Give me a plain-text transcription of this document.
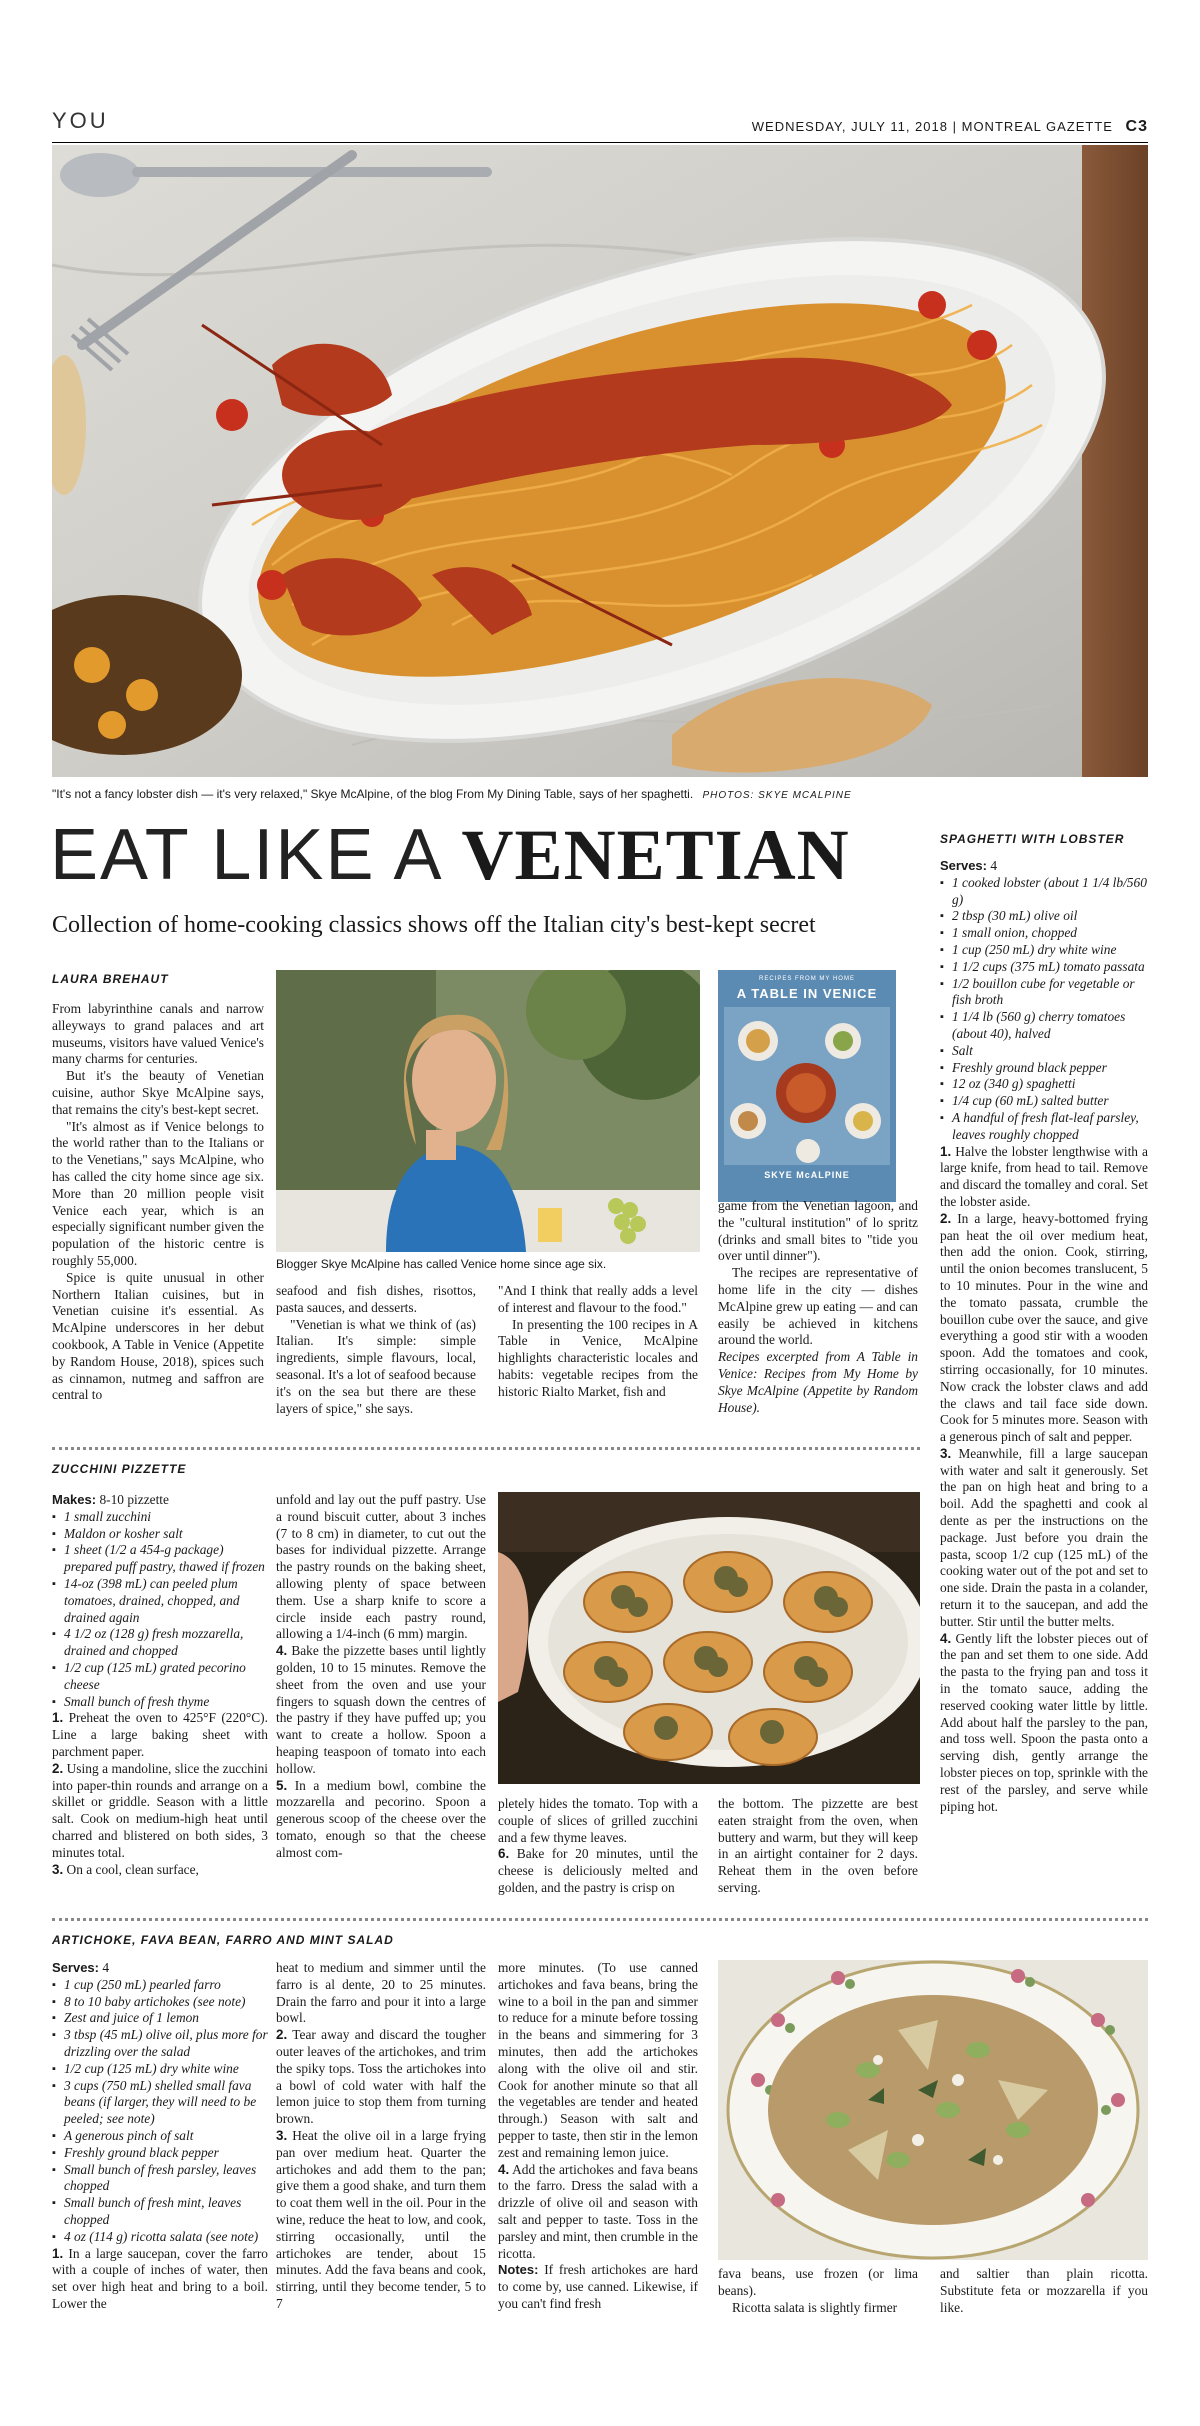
YOU	WEDNESDAY, JULY 11, 2018 | MONTREAL GAZETTE C3
"It's not a fancy lobster dish — it's very relaxed," Skye McAlpine, of the blog From My Dining Table, says of her spaghetti. PHOTOS: SKYE MCALPINE
EAT LIKE A VENETIAN
Collection of home-cooking classics shows off the Italian city's best-kept secret
LAURA BREHAUT

From labyrinthine canals and narrow alleyways to grand palaces and art museums, visitors have valued Venice's many charms for centuries.

But it's the beauty of Venetian cuisine, author Skye McAlpine says, that remains the city's best-kept secret.

"It's almost as if Venice belongs to the world rather than to the Italians or to the Venetians," says McAlpine, who has called the city home since age six. More than 20 million people visit Venice each year, which is an especially significant number given the population of the historic centre is roughly 55,000.

Spice is quite unusual in other Northern Italian cuisines, but in Venetian cuisine it's essential. As McAlpine underscores in her debut cookbook, A Table in Venice (Appetite by Random House, 2018), spices such as cinnamon, nutmeg and saffron are central to

Blogger Skye McAlpine has called Venice home since age six.
RECIPES FROM MY HOME
A TABLE IN VENICE
SKYE McALPINE

seafood and fish dishes, risottos, pasta sauces, and desserts.

"Venetian is what we think of (as) Italian. It's simple: simple ingredients, simple flavours, local, seasonal. It's a lot of seafood because it's on the sea but there are these layers of spice," she says.

"And I think that really adds a level of interest and flavour to the food."

In presenting the 100 recipes in A Table in Venice, McAlpine highlights characteristic locales and habits: vegetable recipes from the historic Rialto Market, fish and

game from the Venetian lagoon, and the "cultural institution" of lo spritz (drinks and small bites to "tide you over until dinner").

The recipes are representative of home life in the city — dishes McAlpine grew up eating — and can easily be achieved in kitchens around the world.

Recipes excerpted from A Table in Venice: Recipes from My Home by Skye McAlpine (Appetite by Random House).

SPAGHETTI WITH LOBSTER
Serves: 4
▪ 1 cooked lobster (about 1 1/4 lb/560 g)
▪ 2 tbsp (30 mL) olive oil
▪ 1 small onion, chopped
▪ 1 cup (250 mL) dry white wine
▪ 1 1/2 cups (375 mL) tomato passata
▪ 1/2 bouillon cube for vegetable or fish broth
▪ 1 1/4 lb (560 g) cherry tomatoes (about 40), halved
▪ Salt
▪ Freshly ground black pepper
▪ 12 oz (340 g) spaghetti
▪ 1/4 cup (60 mL) salted butter
▪ A handful of fresh flat-leaf parsley, leaves roughly chopped
1. Halve the lobster lengthwise with a large knife, from head to tail. Remove and discard the tomalley and coral. Set the lobster aside.
2. In a large, heavy-bottomed frying pan heat the oil over medium heat, then add the onion. Cook, stirring, until the onion becomes translucent, 5 to 10 minutes. Pour in the wine and the tomato passata, crumble the bouillon cube over the sauce, and give everything a good stir with a wooden spoon. Add the tomatoes and cook, stirring occasionally, for 10 minutes. Now crack the lobster claws and add the claws and tail face side down. Cook for 5 minutes more. Season with a generous pinch of salt and pepper.
3. Meanwhile, fill a large saucepan with water and salt it generously. Set the pan on high heat and bring to a boil. Add the spaghetti and cook al dente as per the instructions on the package. Just before you drain the pasta, scoop 1/2 cup (125 mL) of the cooking water out of the pot and set to one side. Drain the pasta in a colander, return it to the saucepan, and add the butter. Stir until the butter melts.
4. Gently lift the lobster pieces out of the pan and set them to one side. Add the pasta to the frying pan and toss it in the tomato sauce, adding the reserved cooking water little by little. Add about half the parsley to the pan, and toss well. Spoon the pasta onto a serving dish, gently arrange the lobster pieces on top, sprinkle with the rest of the parsley, and serve while piping hot.
ZUCCHINI PIZZETTE
Makes: 8-10 pizzette
▪ 1 small zucchini
▪ Maldon or kosher salt
▪ 1 sheet (1/2 a 454-g package) prepared puff pastry, thawed if frozen
▪ 14-oz (398 mL) can peeled plum tomatoes, drained, chopped, and drained again
▪ 4 1/2 oz (128 g) fresh mozzarella, drained and chopped
▪ 1/2 cup (125 mL) grated pecorino cheese
▪ Small bunch of fresh thyme
1. Preheat the oven to 425°F (220°C). Line a large baking sheet with parchment paper.
2. Using a mandoline, slice the zucchini into paper-thin rounds and arrange on a skillet or griddle. Season with a little salt. Cook on medium-high heat until charred and blistered on both sides, 3 minutes total.
3. On a cool, clean surface,

unfold and lay out the puff pastry. Use a round biscuit cutter, about 3 inches (7 to 8 cm) in diameter, to cut out the bases for individual pizzette. Arrange the pastry rounds on the baking sheet, allowing plenty of space between them. Use a sharp knife to score a circle inside each pastry round, allowing a 1/4-inch (6 mm) margin.

4. Bake the pizzette bases until lightly golden, 10 to 15 minutes. Remove the sheet from the oven and use your fingers to squash down the centres of the pastry if they have puffed up; you want to create a hollow. Spoon a heaping teaspoon of tomato into each hollow.
5. In a medium bowl, combine the mozzarella and pecorino. Spoon a generous scoop of the cheese over the tomato, enough so that the cheese almost com-

pletely hides the tomato. Top with a couple of slices of grilled zucchini and a few thyme leaves.

6. Bake for 20 minutes, until the cheese is deliciously melted and golden, and the pastry is crisp on

the bottom. The pizzette are best eaten straight from the oven, when buttery and warm, but they will keep in an airtight container for 2 days. Reheat them in the oven before serving.

ARTICHOKE, FAVA BEAN, FARRO AND MINT SALAD
Serves: 4
▪ 1 cup (250 mL) pearled farro
▪ 8 to 10 baby artichokes (see note)
▪ Zest and juice of 1 lemon
▪ 3 tbsp (45 mL) olive oil, plus more for drizzling over the salad
▪ 1/2 cup (125 mL) dry white wine
▪ 3 cups (750 mL) shelled small fava beans (if larger, they will need to be peeled; see note)
▪ A generous pinch of salt
▪ Freshly ground black pepper
▪ Small bunch of fresh parsley, leaves chopped
▪ Small bunch of fresh mint, leaves chopped
▪ 4 oz (114 g) ricotta salata (see note)
1. In a large saucepan, cover the farro with a couple of inches of water, then set over high heat and bring to a boil. Lower the

heat to medium and simmer until the farro is al dente, 20 to 25 minutes. Drain the farro and pour it into a large bowl.

2. Tear away and discard the tougher outer leaves of the artichokes, and trim the spiky tops. Toss the artichokes into a bowl of cold water with half the lemon juice to stop them from turning brown.
3. Heat the olive oil in a large frying pan over medium heat. Quarter the artichokes and add them to the pan; give them a good shake, and turn them to coat them well in the oil. Pour in the wine, reduce the heat to low, and cook, stirring occasionally, until the artichokes are tender, about 15 minutes. Add the fava beans and cook, stirring, until they become tender, 5 to 7

more minutes. (To use canned artichokes and fava beans, bring the wine to a boil in the pan and simmer to reduce for a minute before tossing in the beans and simmering for 3 minutes, then add the artichokes along with the olive oil and stir. Cook for another minute so that all the vegetables are tender and heated through.) Season with salt and pepper to taste, then stir in the lemon zest and remaining lemon juice.

4. Add the artichokes and fava beans to the farro. Dress the salad with a drizzle of olive oil and season with salt and pepper to taste. Toss in the parsley and mint, then crumble in the ricotta.
Notes: If fresh artichokes are hard to come by, use canned. Likewise, if you can't find fresh

fava beans, use frozen (or lima beans).

Ricotta salata is slightly firmer

and saltier than plain ricotta. Substitute feta or mozzarella if you like.
